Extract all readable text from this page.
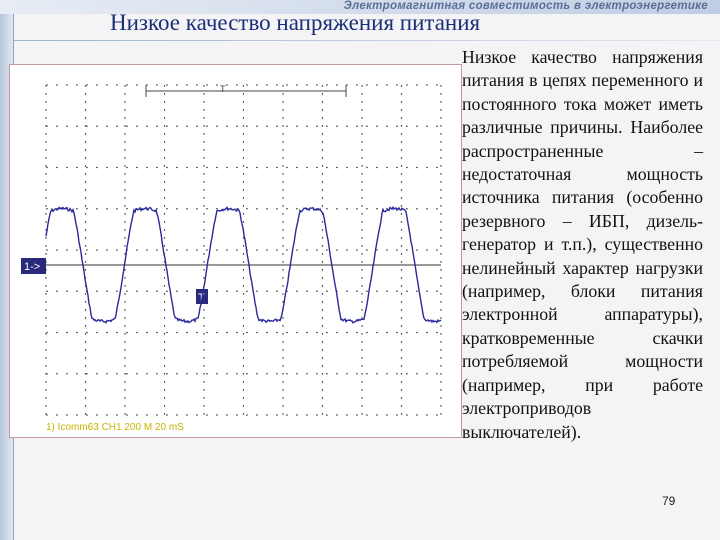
Электромагнитная совместимость в электроэнергетике
Низкое качество напряжения питания
Низкое качество напряжения питания в цепях переменного и постоянного тока может иметь различные причины. Наиболее распространенные – недостаточная мощность источника питания (особенно резервного – ИБП, дизель-генератор и т.п.), существенно нелинейный характер нагрузки (например, блоки питания электронной аппаратуры), кратковременные скачки потребляемой мощности (например, при работе электроприводов выключателей).
T
1->
T
1) Icomm63 CH1 200 M 20 mS
79
